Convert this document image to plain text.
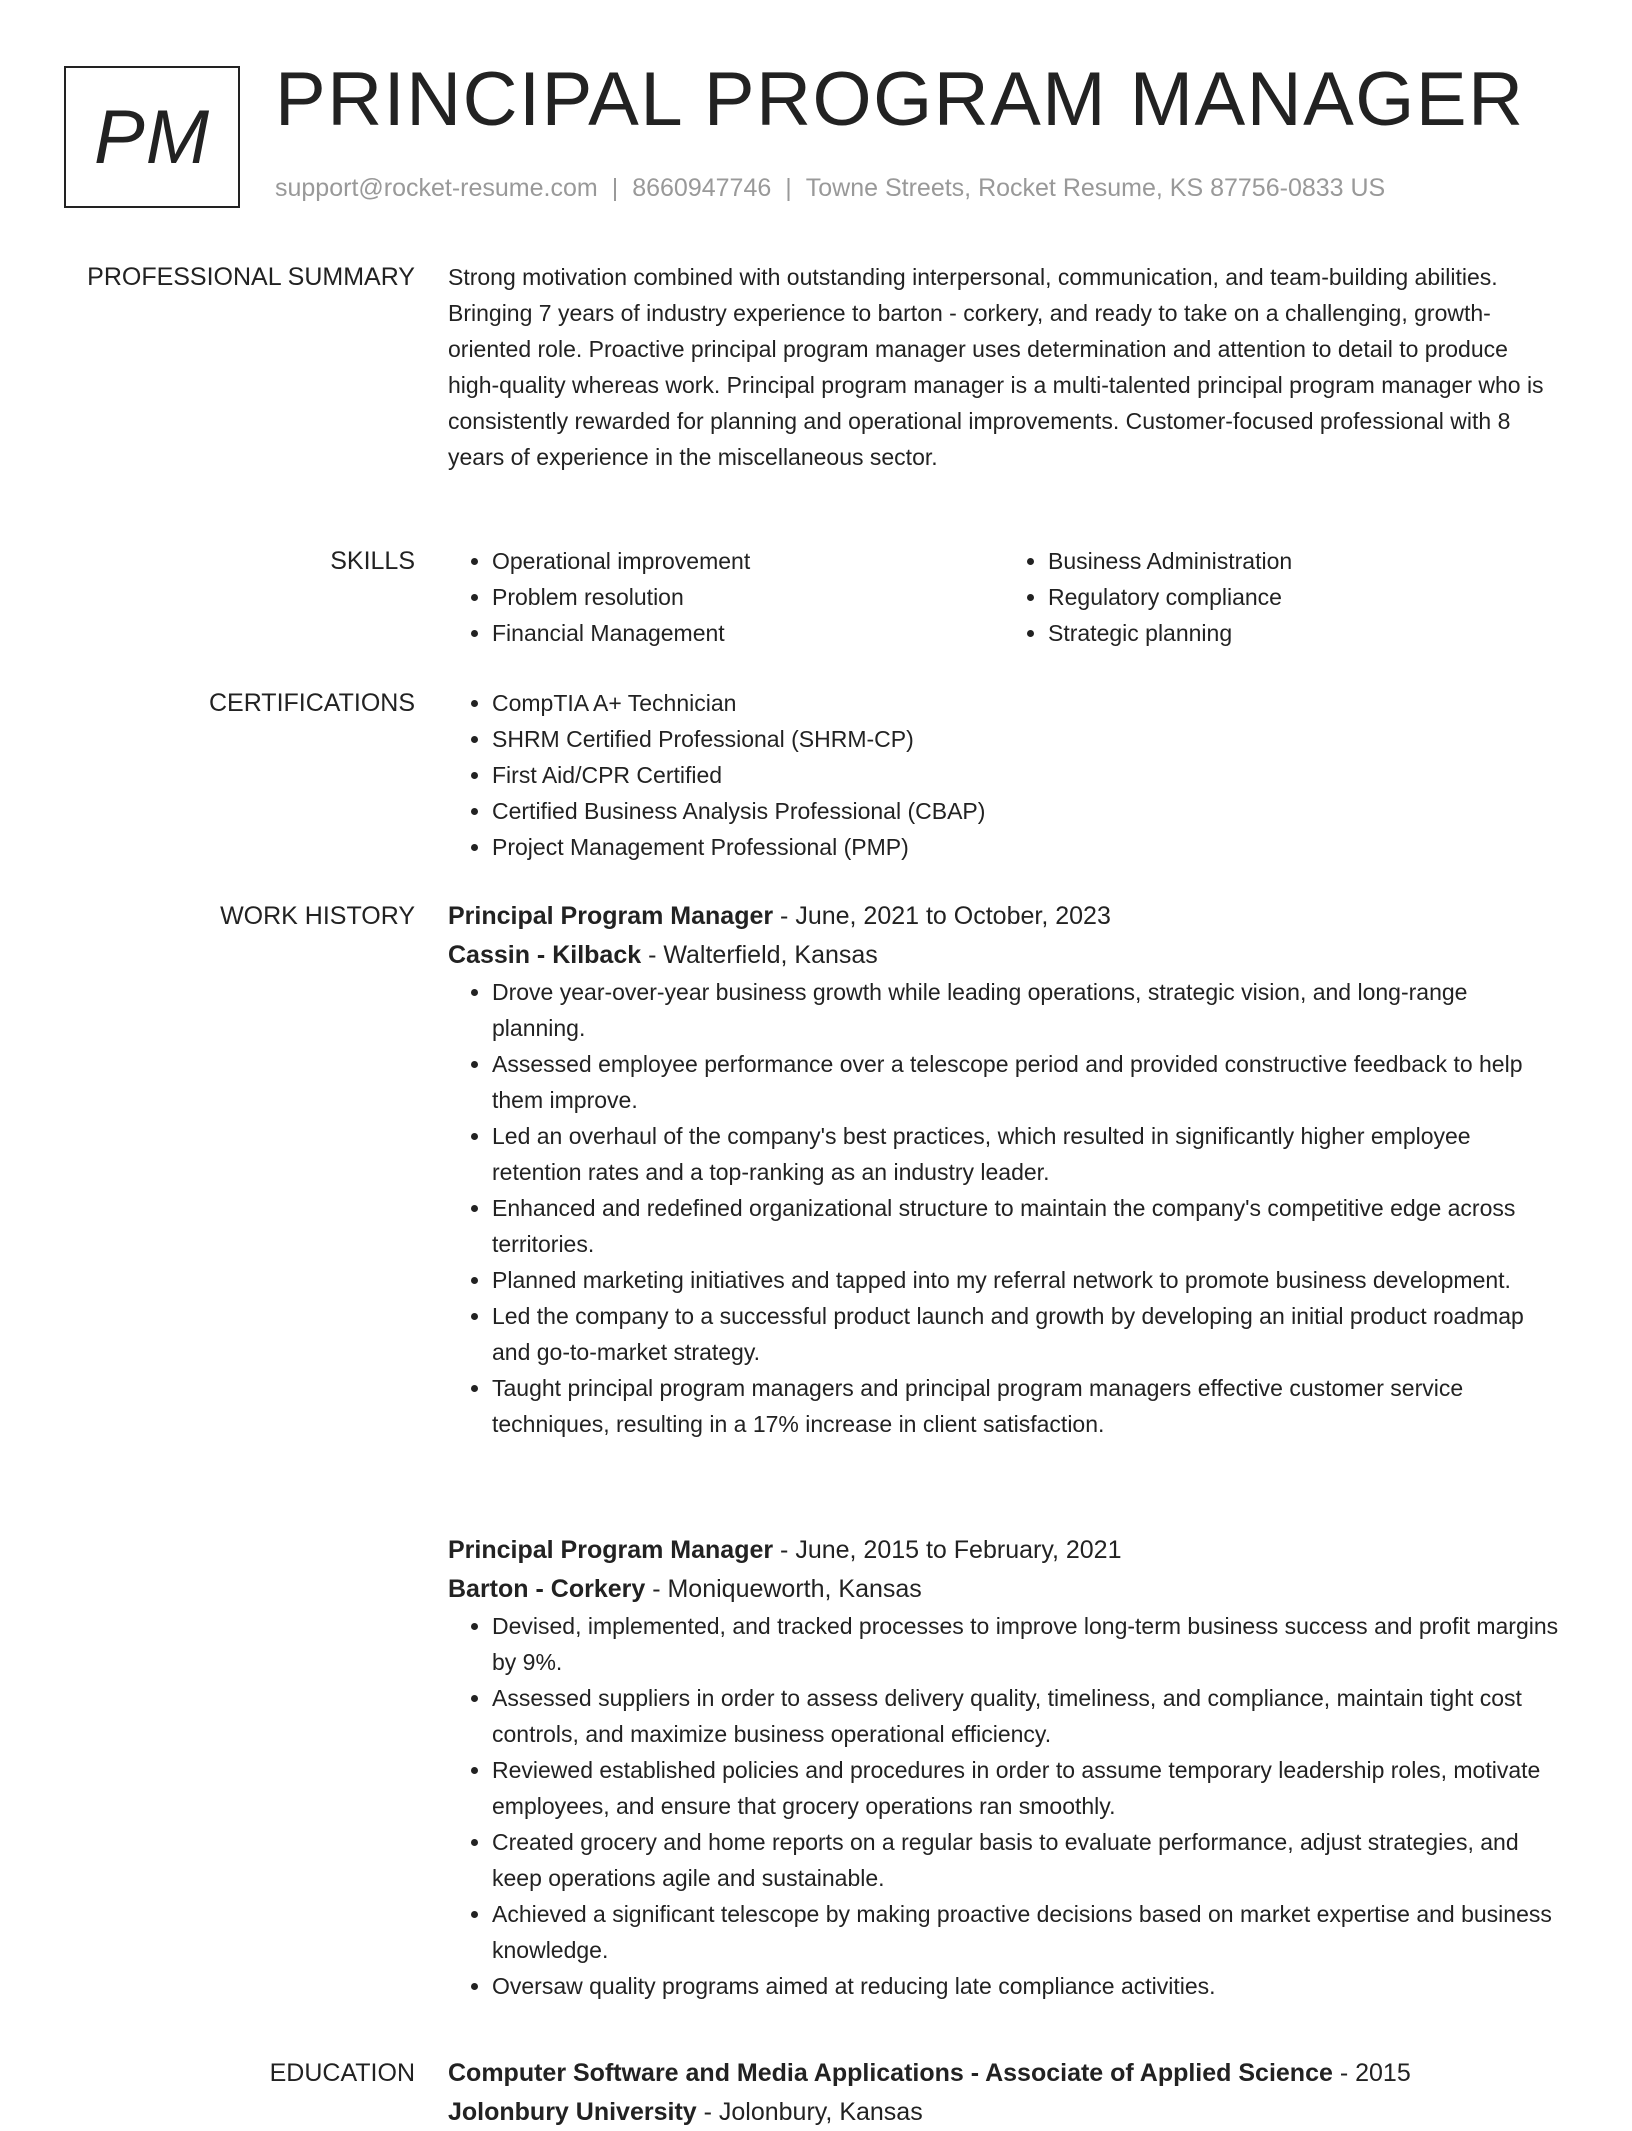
PM PRINCIPAL PROGRAM MANAGER
support@rocket-resume.com | 8660947746 | Towne Streets, Rocket Resume, KS 87756-0833 US
PROFESSIONAL SUMMARY Strong motivation combined with outstanding interpersonal, communication, and team-building abilities. Bringing 7 years of industry experience to barton - corkery, and ready to take on a challenging, growth-oriented role. Proactive principal program manager uses determination and attention to detail to produce high-quality whereas work. Principal program manager is a multi-talented principal program manager who is consistently rewarded for planning and operational improvements. Customer-focused professional with 8 years of experience in the miscellaneous sector.

SKILLS	• Operational improvement
• Problem resolution
• Financial Management
• Business Administration
• Regulatory compliance
• Strategic planning
CERTIFICATIONS	• CompTIA A+ Technician
• SHRM Certified Professional (SHRM-CP)
• First Aid/CPR Certified
• Certified Business Analysis Professional (CBAP)
• Project Management Professional (PMP)
WORK HISTORY Principal Program Manager - June, 2021 to October, 2023
Cassin - Kilback - Walterfield, Kansas
• Drove year-over-year business growth while leading operations, strategic vision, and long-range planning.
• Assessed employee performance over a telescope period and provided constructive feedback to help them improve.
• Led an overhaul of the company's best practices, which resulted in significantly higher employee retention rates and a top-ranking as an industry leader.
• Enhanced and redefined organizational structure to maintain the company's competitive edge across territories.
• Planned marketing initiatives and tapped into my referral network to promote business development.
• Led the company to a successful product launch and growth by developing an initial product roadmap and go-to-market strategy.
• Taught principal program managers and principal program managers effective customer service techniques, resulting in a 17% increase in client satisfaction.
Principal Program Manager - June, 2015 to February, 2021
Barton - Corkery - Moniqueworth, Kansas
• Devised, implemented, and tracked processes to improve long-term business success and profit margins by 9%.
• Assessed suppliers in order to assess delivery quality, timeliness, and compliance, maintain tight cost controls, and maximize business operational efficiency.
• Reviewed established policies and procedures in order to assume temporary leadership roles, motivate employees, and ensure that grocery operations ran smoothly.
• Created grocery and home reports on a regular basis to evaluate performance, adjust strategies, and keep operations agile and sustainable.
• Achieved a significant telescope by making proactive decisions based on market expertise and business knowledge.
• Oversaw quality programs aimed at reducing late compliance activities.
EDUCATION Computer Software and Media Applications - Associate of Applied Science - 2015
Jolonbury University - Jolonbury, Kansas
